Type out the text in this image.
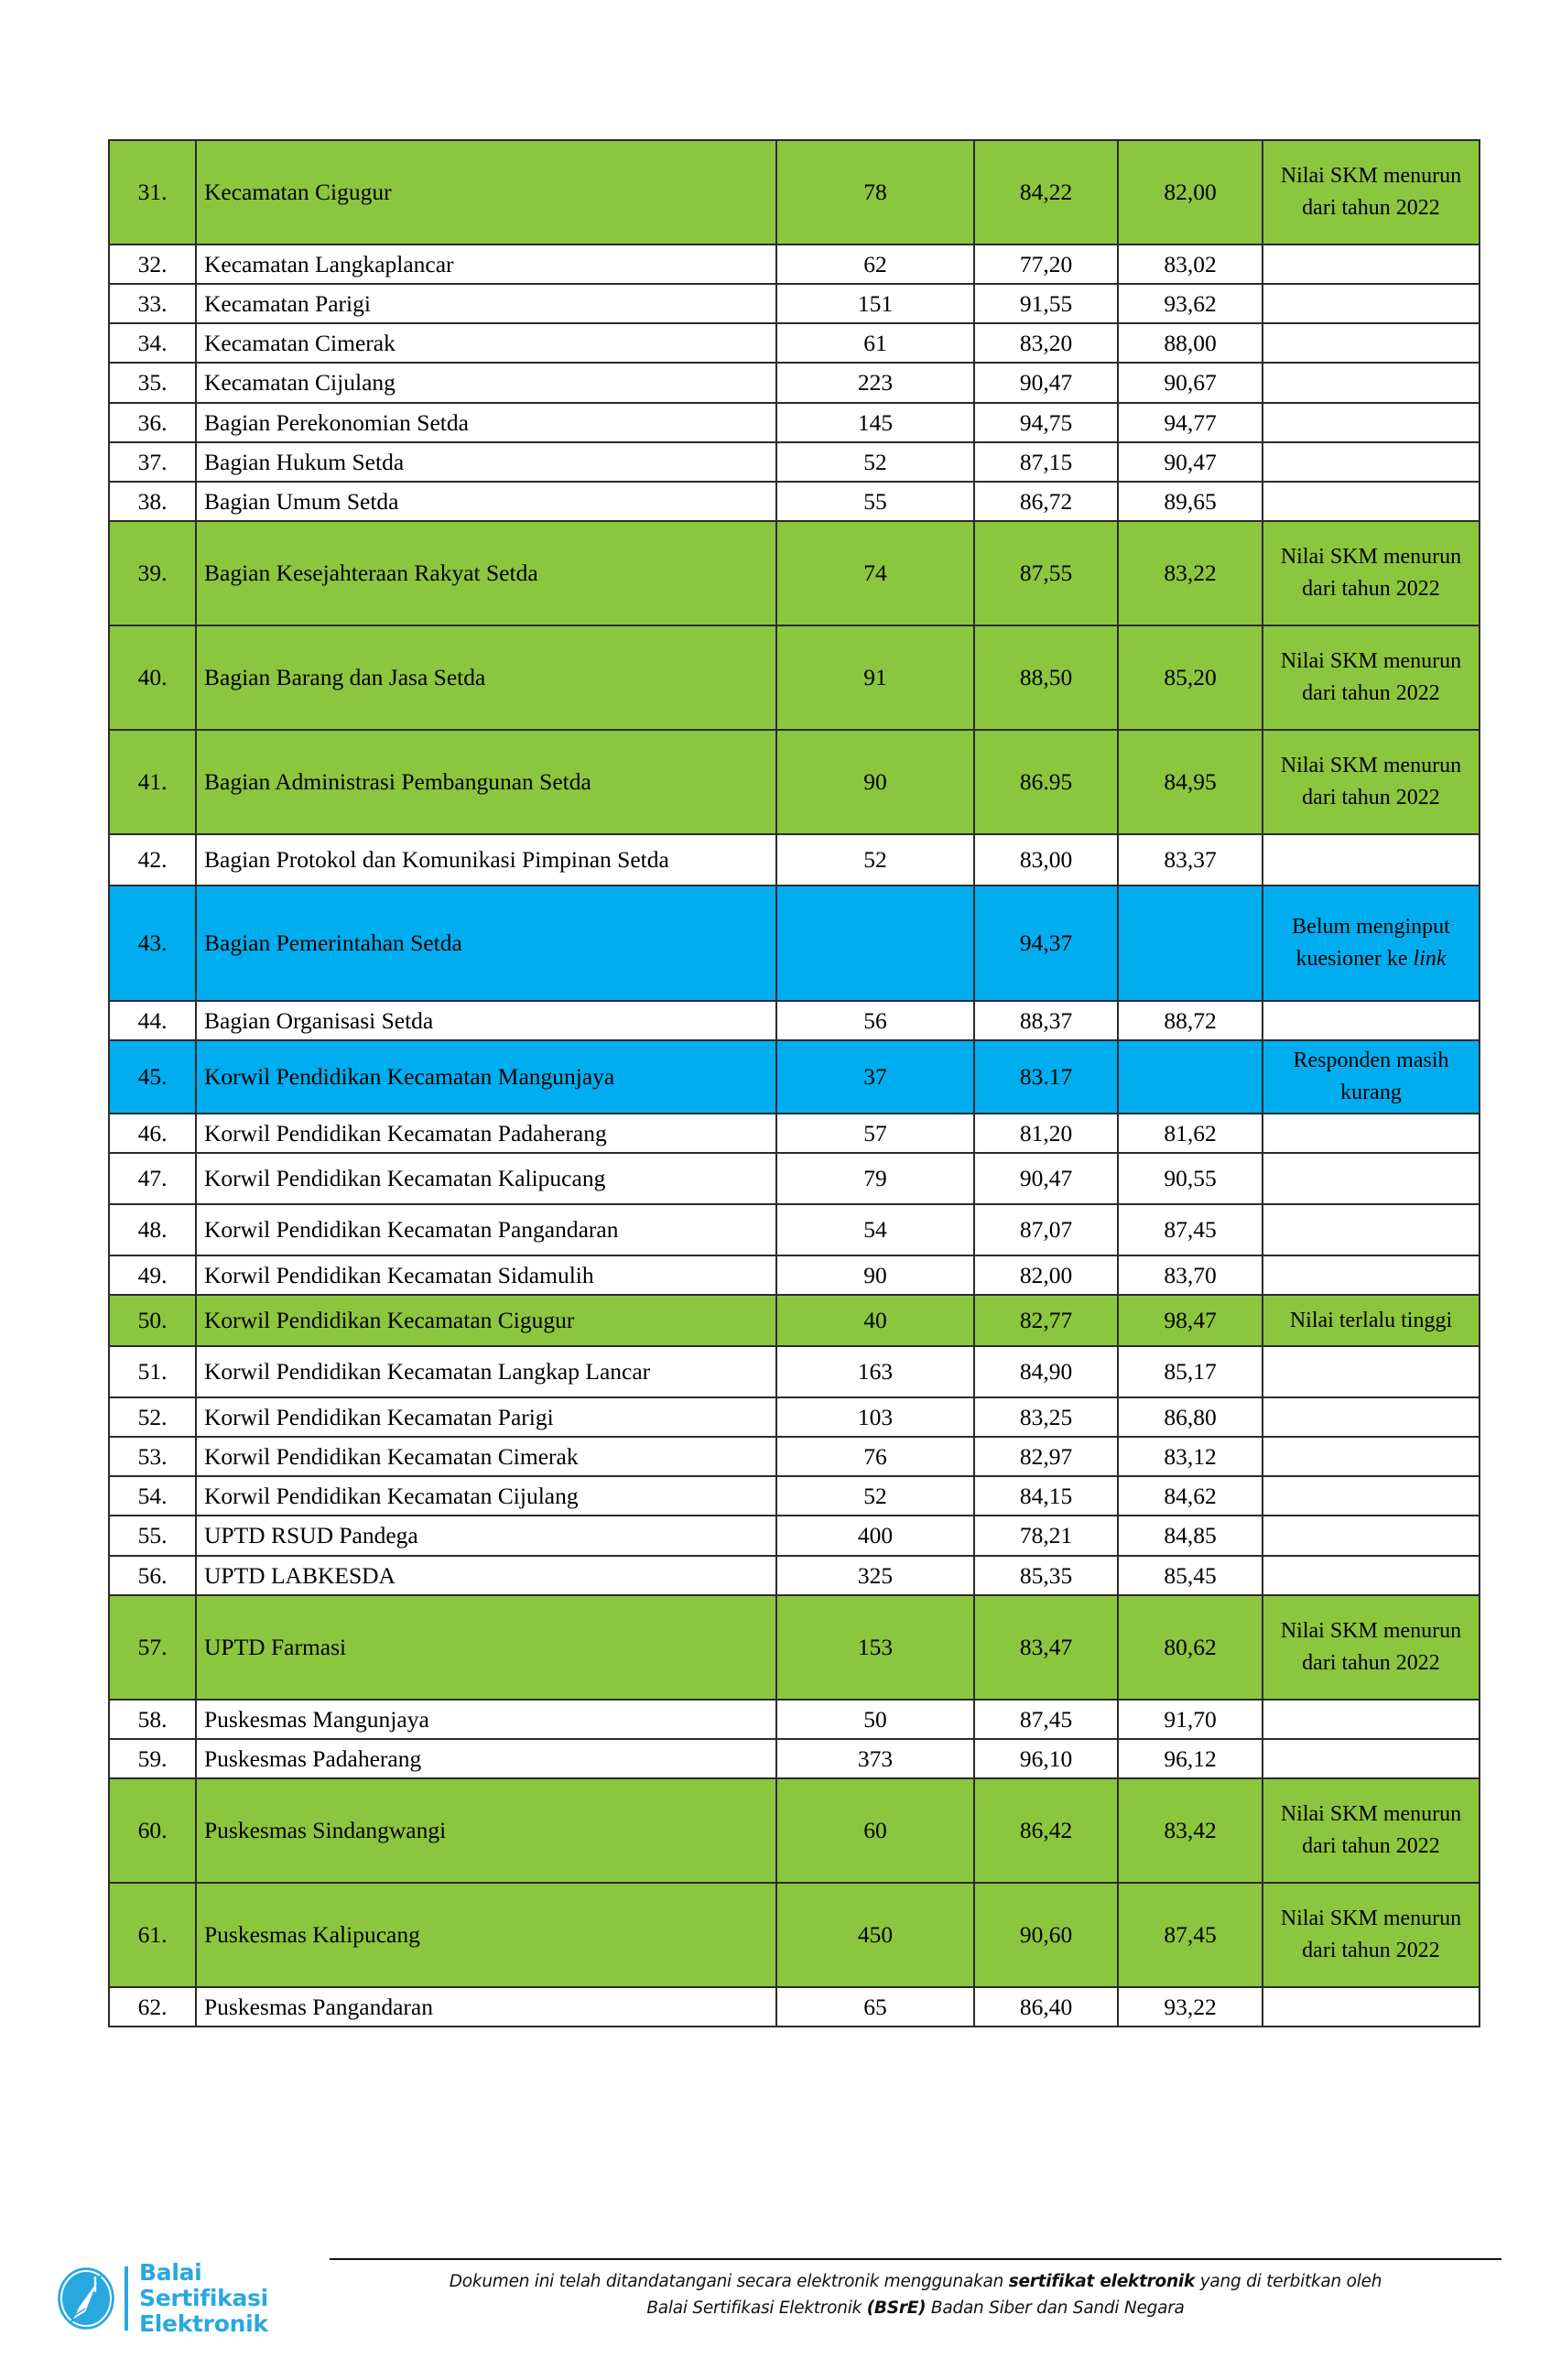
31.	Kecamatan Cigugur	78	84,22	82,00	Nilai SKM menurun dari tahun 2022
32.	Kecamatan Langkaplancar	62	77,20	83,02	
33.	Kecamatan Parigi	151	91,55	93,62	
34.	Kecamatan Cimerak	61	83,20	88,00	
35.	Kecamatan Cijulang	223	90,47	90,67	
36.	Bagian Perekonomian Setda	145	94,75	94,77	
37.	Bagian Hukum Setda	52	87,15	90,47	
38.	Bagian Umum Setda	55	86,72	89,65	
39.	Bagian Kesejahteraan Rakyat Setda	74	87,55	83,22	Nilai SKM menurun dari tahun 2022
40.	Bagian Barang dan Jasa Setda	91	88,50	85,20	Nilai SKM menurun dari tahun 2022
41.	Bagian Administrasi Pembangunan Setda	90	86.95	84,95	Nilai SKM menurun dari tahun 2022
42.	Bagian Protokol dan Komunikasi Pimpinan Setda	52	83,00	83,37	
43.	Bagian Pemerintahan Setda		94,37		Belum menginput kuesioner ke link
44.	Bagian Organisasi Setda	56	88,37	88,72	
45.	Korwil Pendidikan Kecamatan Mangunjaya	37	83.17		Responden masih kurang
46.	Korwil Pendidikan Kecamatan Padaherang	57	81,20	81,62	
47.	Korwil Pendidikan Kecamatan Kalipucang	79	90,47	90,55	
48.	Korwil Pendidikan Kecamatan Pangandaran	54	87,07	87,45	
49.	Korwil Pendidikan Kecamatan Sidamulih	90	82,00	83,70	
50.	Korwil Pendidikan Kecamatan Cigugur	40	82,77	98,47	Nilai terlalu tinggi
51.	Korwil Pendidikan Kecamatan Langkap Lancar	163	84,90	85,17	
52.	Korwil Pendidikan Kecamatan Parigi	103	83,25	86,80	
53.	Korwil Pendidikan Kecamatan Cimerak	76	82,97	83,12	
54.	Korwil Pendidikan Kecamatan Cijulang	52	84,15	84,62	
55.	UPTD RSUD Pandega	400	78,21	84,85	
56.	UPTD LABKESDA	325	85,35	85,45	
57.	UPTD Farmasi	153	83,47	80,62	Nilai SKM menurun dari tahun 2022
58.	Puskesmas Mangunjaya	50	87,45	91,70	
59.	Puskesmas Padaherang	373	96,10	96,12	
60.	Puskesmas Sindangwangi	60	86,42	83,42	Nilai SKM menurun dari tahun 2022
61.	Puskesmas Kalipucang	450	90,60	87,45	Nilai SKM menurun dari tahun 2022
62.	Puskesmas Pangandaran	65	86,40	93,22	
Balai
Sertifikasi
Elektronik
Dokumen ini telah ditandatangani secara elektronik menggunakan sertifikat elektronik yang di terbitkan oleh
Balai Sertifikasi Elektronik (BSrE) Badan Siber dan Sandi Negara
